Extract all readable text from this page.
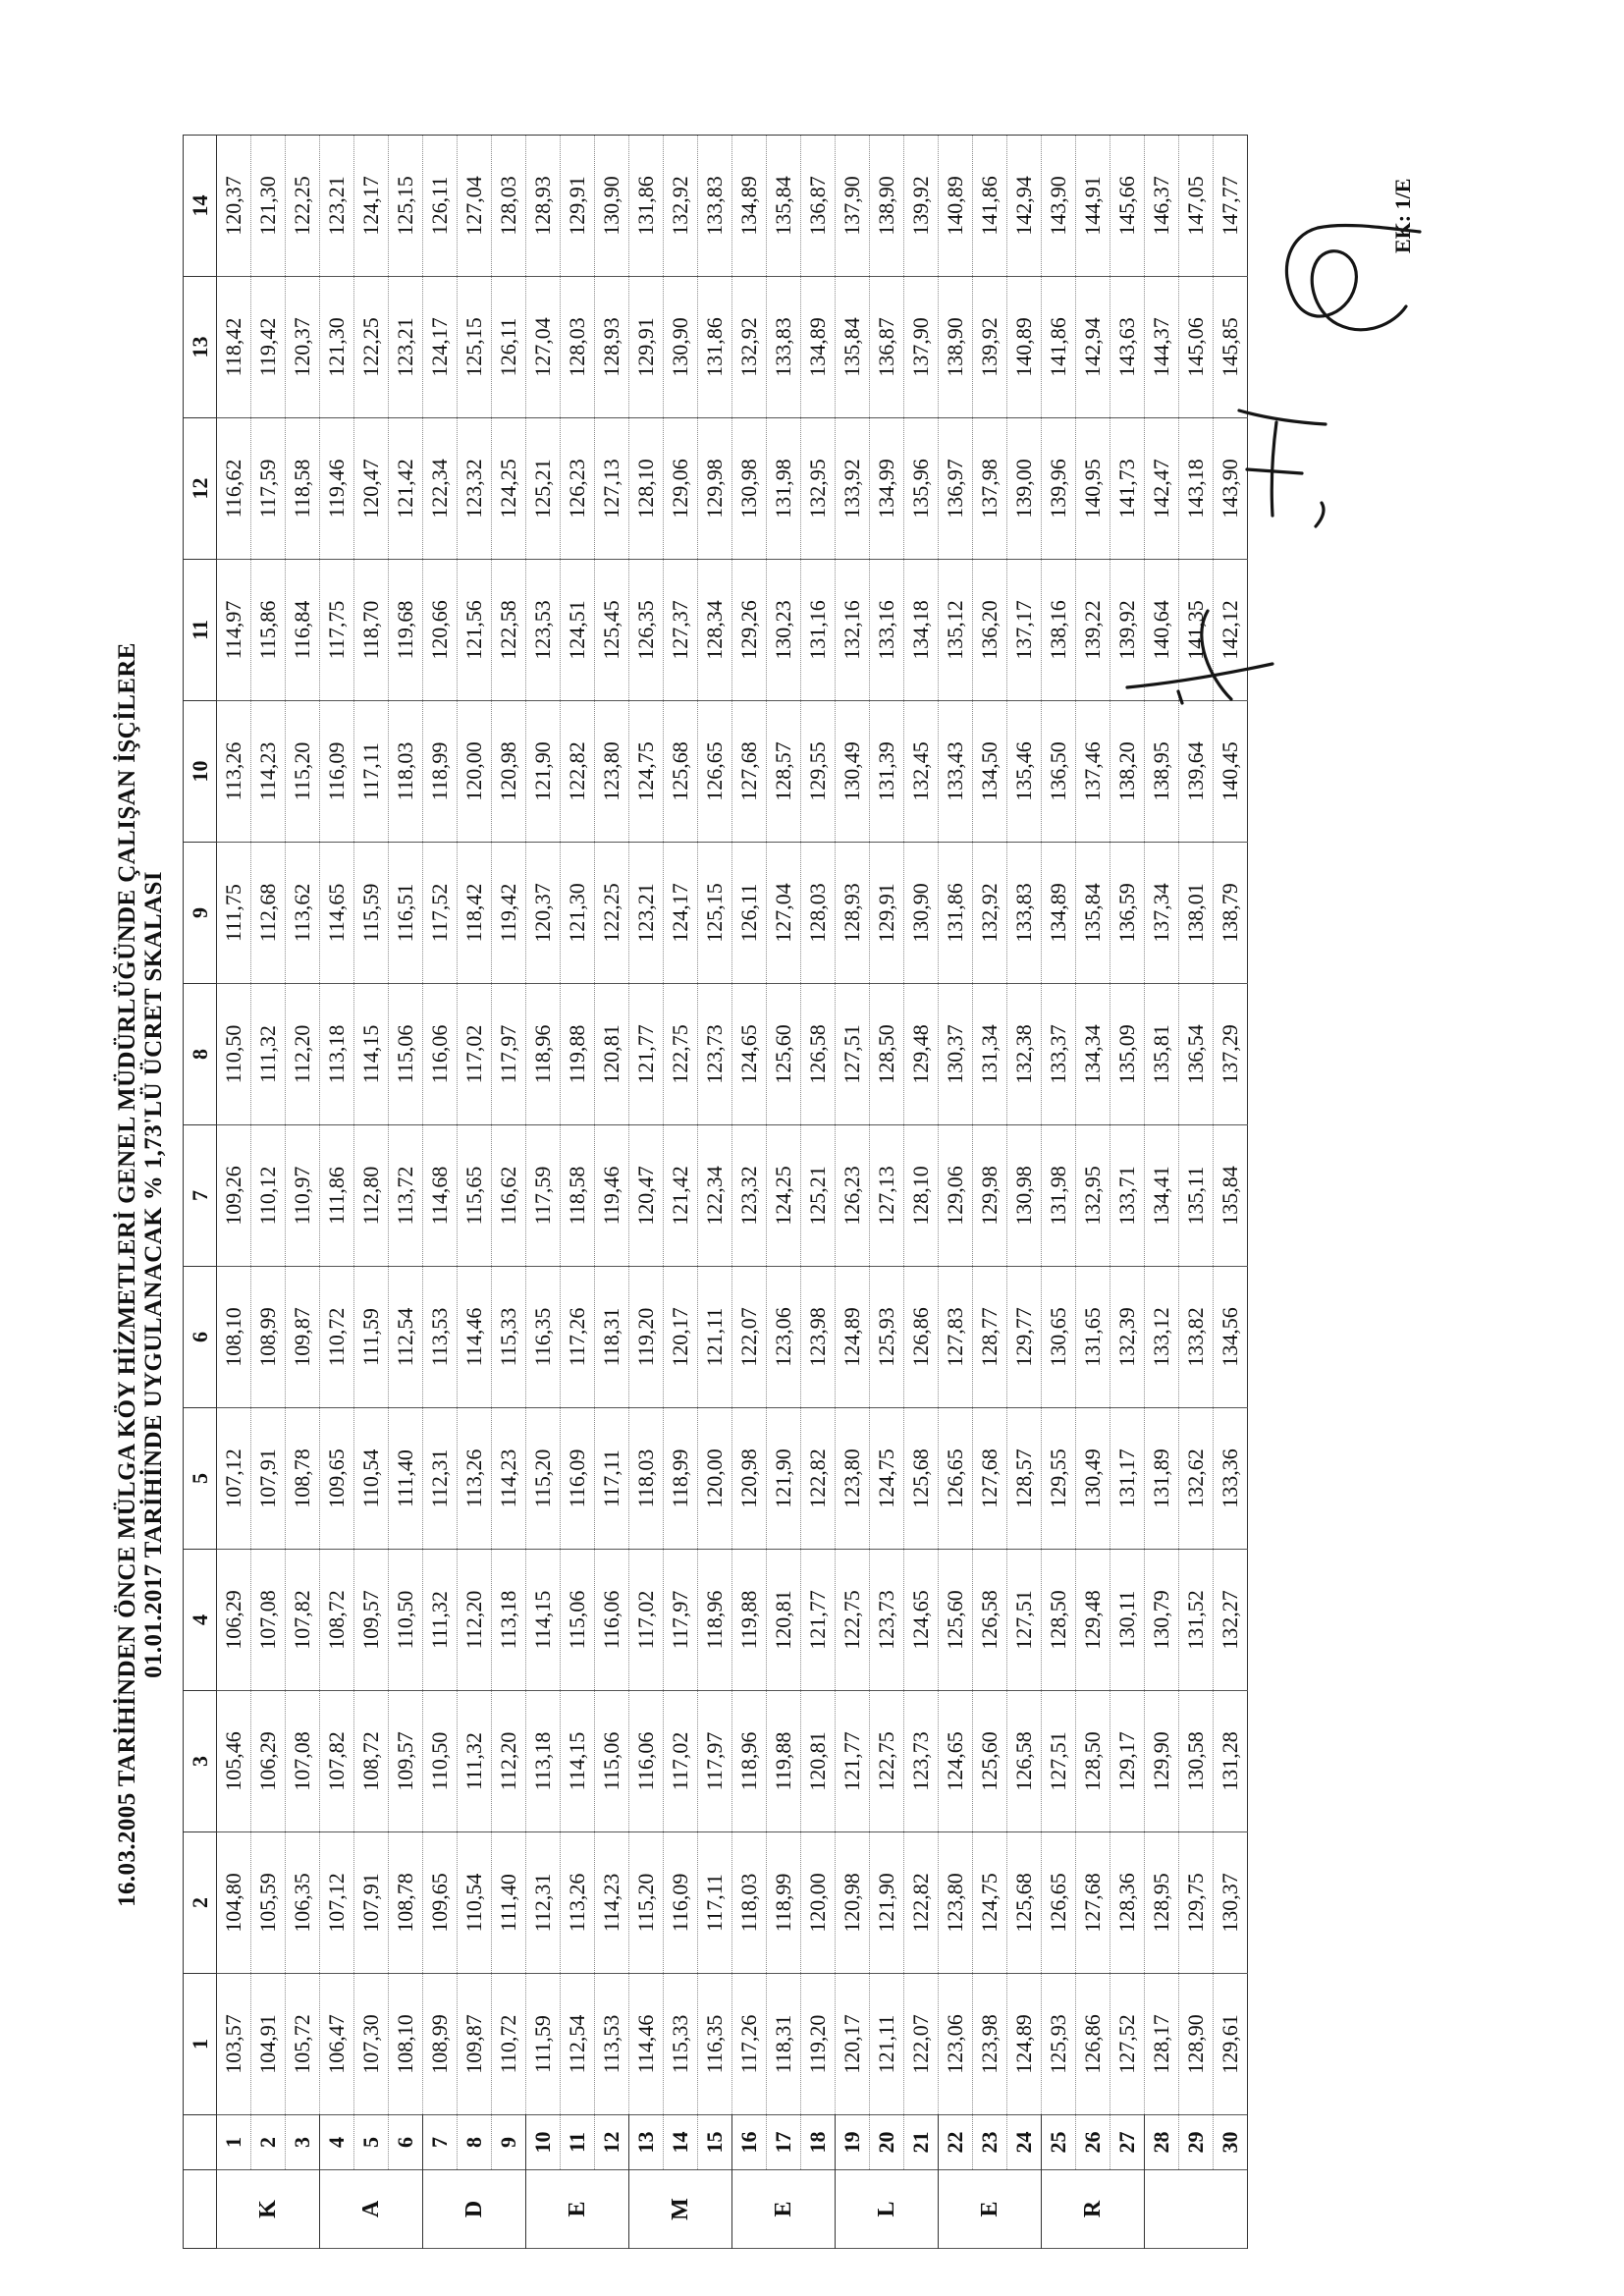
16.03.2005 TARİHİNDEN ÖNCE MÜLGA KÖY HİZMETLERİ GENEL MÜDÜRLÜĞÜNDE ÇALIŞAN İŞÇİLERE 01.01.2017 TARİHİNDE UYGULANACAK % 1,73'LÜ ÜCRET SKALASI
		1	2	3	4	5	6	7	8	9	10	11	12	13	14
K	1	103,57	104,80	105,46	106,29	107,12	108,10	109,26	110,50	111,75	113,26	114,97	116,62	118,42	120,37
	2	104,91	105,59	106,29	107,08	107,91	108,99	110,12	111,32	112,68	114,23	115,86	117,59	119,42	121,30
	3	105,72	106,35	107,08	107,82	108,78	109,87	110,97	112,20	113,62	115,20	116,84	118,58	120,37	122,25
A	4	106,47	107,12	107,82	108,72	109,65	110,72	111,86	113,18	114,65	116,09	117,75	119,46	121,30	123,21
	5	107,30	107,91	108,72	109,57	110,54	111,59	112,80	114,15	115,59	117,11	118,70	120,47	122,25	124,17
	6	108,10	108,78	109,57	110,50	111,40	112,54	113,72	115,06	116,51	118,03	119,68	121,42	123,21	125,15
D	7	108,99	109,65	110,50	111,32	112,31	113,53	114,68	116,06	117,52	118,99	120,66	122,34	124,17	126,11
	8	109,87	110,54	111,32	112,20	113,26	114,46	115,65	117,02	118,42	120,00	121,56	123,32	125,15	127,04
	9	110,72	111,40	112,20	113,18	114,23	115,33	116,62	117,97	119,42	120,98	122,58	124,25	126,11	128,03
E	10	111,59	112,31	113,18	114,15	115,20	116,35	117,59	118,96	120,37	121,90	123,53	125,21	127,04	128,93
	11	112,54	113,26	114,15	115,06	116,09	117,26	118,58	119,88	121,30	122,82	124,51	126,23	128,03	129,91
	12	113,53	114,23	115,06	116,06	117,11	118,31	119,46	120,81	122,25	123,80	125,45	127,13	128,93	130,90
M	13	114,46	115,20	116,06	117,02	118,03	119,20	120,47	121,77	123,21	124,75	126,35	128,10	129,91	131,86
	14	115,33	116,09	117,02	117,97	118,99	120,17	121,42	122,75	124,17	125,68	127,37	129,06	130,90	132,92
	15	116,35	117,11	117,97	118,96	120,00	121,11	122,34	123,73	125,15	126,65	128,34	129,98	131,86	133,83
E	16	117,26	118,03	118,96	119,88	120,98	122,07	123,32	124,65	126,11	127,68	129,26	130,98	132,92	134,89
	17	118,31	118,99	119,88	120,81	121,90	123,06	124,25	125,60	127,04	128,57	130,23	131,98	133,83	135,84
	18	119,20	120,00	120,81	121,77	122,82	123,98	125,21	126,58	128,03	129,55	131,16	132,95	134,89	136,87
L	19	120,17	120,98	121,77	122,75	123,80	124,89	126,23	127,51	128,93	130,49	132,16	133,92	135,84	137,90
	20	121,11	121,90	122,75	123,73	124,75	125,93	127,13	128,50	129,91	131,39	133,16	134,99	136,87	138,90
	21	122,07	122,82	123,73	124,65	125,68	126,86	128,10	129,48	130,90	132,45	134,18	135,96	137,90	139,92
E	22	123,06	123,80	124,65	125,60	126,65	127,83	129,06	130,37	131,86	133,43	135,12	136,97	138,90	140,89
	23	123,98	124,75	125,60	126,58	127,68	128,77	129,98	131,34	132,92	134,50	136,20	137,98	139,92	141,86
	24	124,89	125,68	126,58	127,51	128,57	129,77	130,98	132,38	133,83	135,46	137,17	139,00	140,89	142,94
R	25	125,93	126,65	127,51	128,50	129,55	130,65	131,98	133,37	134,89	136,50	138,16	139,96	141,86	143,90
	26	126,86	127,68	128,50	129,48	130,49	131,65	132,95	134,34	135,84	137,46	139,22	140,95	142,94	144,91
	27	127,52	128,36	129,17	130,11	131,17	132,39	133,71	135,09	136,59	138,20	139,92	141,73	143,63	145,66
	28	128,17	128,95	129,90	130,79	131,89	133,12	134,41	135,81	137,34	138,95	140,64	142,47	144,37	146,37
	29	128,90	129,75	130,58	131,52	132,62	133,82	135,11	136,54	138,01	139,64	141,35	143,18	145,06	147,05
	30	129,61	130,37	131,28	132,27	133,36	134,56	135,84	137,29	138,79	140,45	142,12	143,90	145,85	147,77	EK: 1/E
